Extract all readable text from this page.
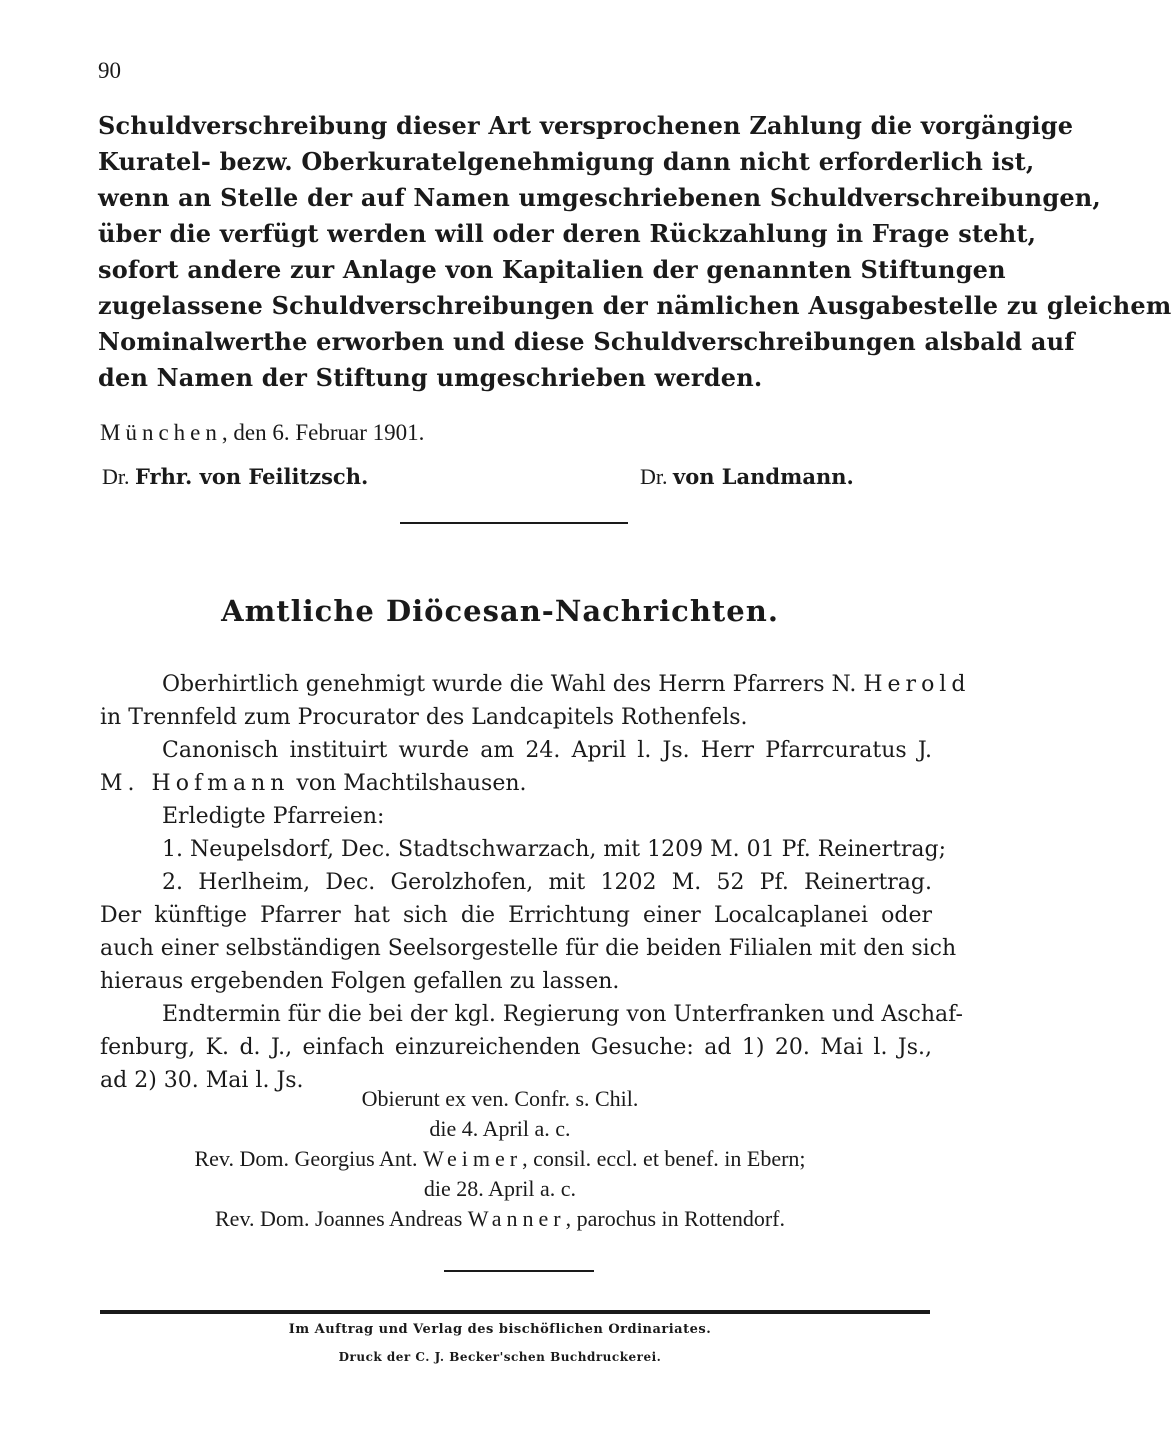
90
Schuldverschreibung dieser Art versprochenen Zahlung die vorgängige
Kuratel- bezw. Oberkuratelgenehmigung dann nicht erforderlich ist,
wenn an Stelle der auf Namen umgeschriebenen Schuldverschreibungen,
über die verfügt werden will oder deren Rückzahlung in Frage steht,
sofort andere zur Anlage von Kapitalien der genannten Stiftungen
zugelassene Schuldverschreibungen der nämlichen Ausgabestelle zu gleichem
Nominalwerthe erworben und diese Schuldverschreibungen alsbald auf
den Namen der Stiftung umgeschrieben werden.
München, den 6. Februar 1901.
Dr. Frhr. von Feilitzsch.	Dr. von Landmann.
Amtliche Diöcesan-Nachrichten.
Oberhirtlich genehmigt wurde die Wahl des Herrn Pfarrers N. Herold
in Trennfeld zum Procurator des Landcapitels Rothenfels.
Canonisch instituirt wurde am 24. April l. Js. Herr Pfarrcuratus J.
M. Hofmann von Machtilshausen.
Erledigte Pfarreien:
1. Neupelsdorf, Dec. Stadtschwarzach, mit 1209 M. 01 Pf. Reinertrag;
2. Herlheim, Dec. Gerolzhofen, mit 1202 M. 52 Pf. Reinertrag.
Der künftige Pfarrer hat sich die Errichtung einer Localcaplanei oder
auch einer selbständigen Seelsorgestelle für die beiden Filialen mit den sich
hieraus ergebenden Folgen gefallen zu lassen.
Endtermin für die bei der kgl. Regierung von Unterfranken und Aschaf-
fenburg, K. d. J., einfach einzureichenden Gesuche: ad 1) 20. Mai l. Js.,
ad 2) 30. Mai l. Js.
Obierunt ex ven. Confr. s. Chil.
die 4. April a. c.
Rev. Dom. Georgius Ant. Weimer, consil. eccl. et benef. in Ebern;
die 28. April a. c.
Rev. Dom. Joannes Andreas Wanner, parochus in Rottendorf.
Im Auftrag und Verlag des bischöflichen Ordinariates.
Druck der C. J. Becker'schen Buchdruckerei.
